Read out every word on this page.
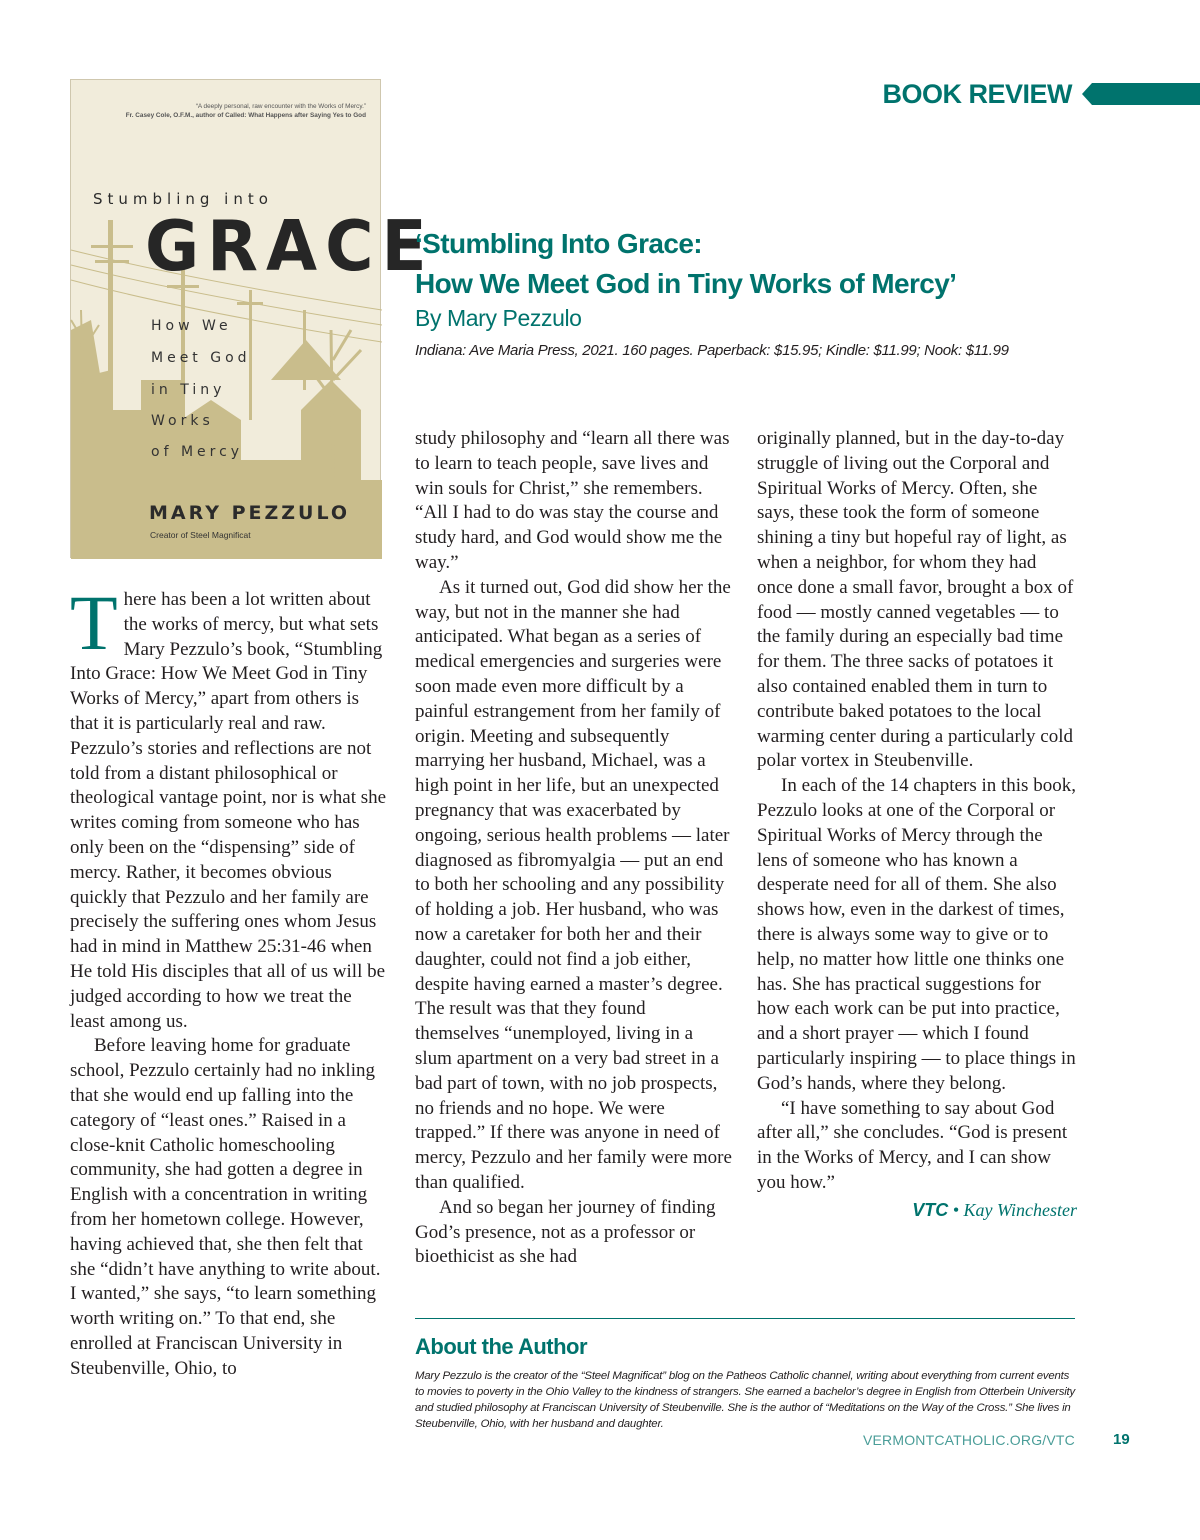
BOOK REVIEW
“A deeply personal, raw encounter with the Works of Mercy.”
Fr. Casey Cole, O.F.M., author of Called: What Happens after Saying Yes to God
Stumbling into
GRACE
How We
Meet God
in Tiny
Works
of Mercy
MARY PEZZULO
Creator of Steel Magnificat
‘Stumbling Into Grace:
How We Meet God in Tiny Works of Mercy’
By Mary Pezzulo
Indiana: Ave Maria Press, 2021. 160 pages. Paperback: $15.95; Kindle: $11.99; Nook: $11.99

There has been a lot written about the works of mercy, but what sets Mary Pezzulo’s book, “Stumbling Into Grace: How We Meet God in Tiny Works of Mercy,” apart from others is that it is particularly real and raw. Pezzulo’s stories and reflections are not told from a distant philosophical or theological vantage point, nor is what she writes coming from someone who has only been on the “dispensing” side of mercy. Rather, it becomes obvious quickly that Pezzulo and her family are precisely the suffering ones whom Jesus had in mind in Matthew 25:31-46 when He told His disciples that all of us will be judged according to how we treat the least among us.

Before leaving home for graduate school, Pezzulo certainly had no inkling that she would end up falling into the category of “least ones.” Raised in a close-knit Catholic homeschooling community, she had gotten a degree in English with a concentration in writing from her hometown college. However, having achieved that, she then felt that she “didn’t have anything to write about. I wanted,” she says, “to learn something worth writing on.” To that end, she enrolled at Franciscan University in Steubenville, Ohio, to

study philosophy and “learn all there was to learn to teach people, save lives and win souls for Christ,” she remembers. “All I had to do was stay the course and study hard, and God would show me the way.”

As it turned out, God did show her the way, but not in the manner she had anticipated. What began as a series of medical emergencies and surgeries were soon made even more difficult by a painful estrangement from her family of origin. Meeting and subsequently marrying her husband, Michael, was a high point in her life, but an unexpected pregnancy that was exacerbated by ongoing, serious health problems — later diagnosed as fibromyalgia — put an end to both her schooling and any possibility of holding a job. Her husband, who was now a caretaker for both her and their daughter, could not find a job either, despite having earned a master’s degree. The result was that they found themselves “unemployed, living in a slum apartment on a very bad street in a bad part of town, with no job prospects, no friends and no hope. We were trapped.” If there was anyone in need of mercy, Pezzulo and her family were more than qualified.

And so began her journey of finding God’s presence, not as a professor or bioethicist as she had

originally planned, but in the day-to-day struggle of living out the Corporal and Spiritual Works of Mercy. Often, she says, these took the form of someone shining a tiny but hopeful ray of light, as when a neighbor, for whom they had once done a small favor, brought a box of food — mostly canned vegetables — to the family during an especially bad time for them. The three sacks of potatoes it also contained enabled them in turn to contribute baked potatoes to the local warming center during a particularly cold polar vortex in Steubenville.

In each of the 14 chapters in this book, Pezzulo looks at one of the Corporal or Spiritual Works of Mercy through the lens of someone who has known a desperate need for all of them. She also shows how, even in the darkest of times, there is always some way to give or to help, no matter how little one thinks one has. She has practical suggestions for how each work can be put into practice, and a short prayer — which I found particularly inspiring — to place things in God’s hands, where they belong.

“I have something to say about God after all,” she concludes. “God is present in the Works of Mercy, and I can show you how.”

VTC • Kay Winchester
About the Author
Mary Pezzulo is the creator of the “Steel Magnificat” blog on the Patheos Catholic channel, writing about everything from current events to movies to poverty in the Ohio Valley to the kindness of strangers. She earned a bachelor’s degree in English from Otterbein University and studied philosophy at Franciscan University of Steubenville. She is the author of “Meditations on the Way of the Cross.” She lives in Steubenville, Ohio, with her husband and daughter.
VERMONTCATHOLIC.ORG/VTC	19
